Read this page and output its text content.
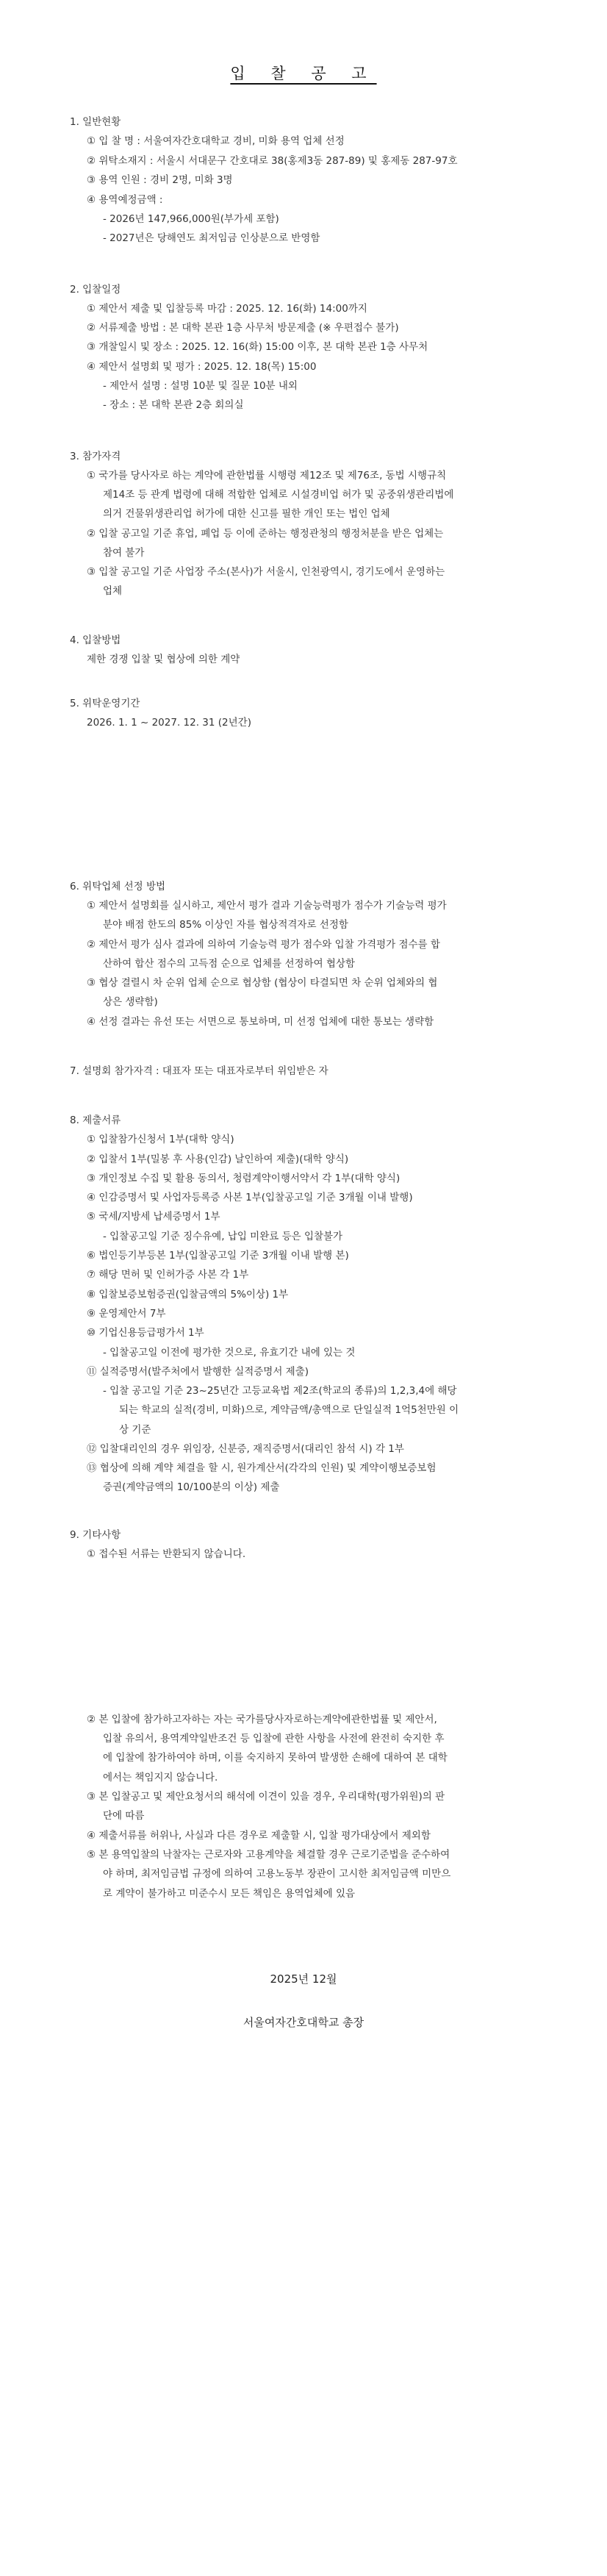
입 찰 공 고
1. 일반현황
① 입 찰 명 : 서울여자간호대학교 경비, 미화 용역 업체 선정
② 위탁소재지 : 서울시 서대문구 간호대로 38(홍제3동 287-89) 및 홍제동 287-97호
③ 용역 인원 : 경비 2명, 미화 3명
④ 용역예정금액 :
- 2026년 147,966,000원(부가세 포함)
- 2027년은 당해연도 최저임금 인상분으로 반영함
2. 입찰일정
① 제안서 제출 및 입찰등록 마감 : 2025. 12. 16(화) 14:00까지
② 서류제출 방법 : 본 대학 본관 1층 사무처 방문제출 (※ 우편접수 불가)
③ 개찰일시 및 장소 : 2025. 12. 16(화) 15:00 이후, 본 대학 본관 1층 사무처
④ 제안서 설명회 및 평가 : 2025. 12. 18(목) 15:00
- 제안서 설명 : 설명 10분 및 질문 10분 내외
- 장소 : 본 대학 본관 2층 회의실
3. 참가자격
① 국가를 당사자로 하는 계약에 관한법률 시행령 제12조 및 제76조, 동법 시행규칙
제14조 등 관계 법령에 대해 적합한 업체로 시설경비업 허가 및 공중위생관리법에
의거 건물위생관리업 허가에 대한 신고를 필한 개인 또는 법인 업체
② 입찰 공고일 기준 휴업, 폐업 등 이에 준하는 행정관청의 행정처분을 받은 업체는
참여 불가
③ 입찰 공고일 기준 사업장 주소(본사)가 서울시, 인천광역시, 경기도에서 운영하는
업체
4. 입찰방법
제한 경쟁 입찰 및 협상에 의한 계약
5. 위탁운영기간
2026. 1. 1 ~ 2027. 12. 31 (2년간)
6. 위탁업체 선정 방법
① 제안서 설명회를 실시하고, 제안서 평가 결과 기술능력평가 점수가 기술능력 평가
분야 배점 한도의 85% 이상인 자를 협상적격자로 선정함
② 제안서 평가 심사 결과에 의하여 기술능력 평가 점수와 입찰 가격평가 점수를 합
산하여 합산 점수의 고득점 순으로 업체를 선정하여 협상함
③ 협상 결렬시 차 순위 업체 순으로 협상함 (협상이 타결되면 차 순위 업체와의 협
상은 생략함)
④ 선정 결과는 유선 또는 서면으로 통보하며, 미 선정 업체에 대한 통보는 생략함
7. 설명회 참가자격 : 대표자 또는 대표자로부터 위임받은 자
8. 제출서류
① 입찰참가신청서 1부(대학 양식)
② 입찰서 1부(밀봉 후 사용(인감) 날인하여 제출)(대학 양식)
③ 개인정보 수집 및 활용 동의서, 청렴계약이행서약서 각 1부(대학 양식)
④ 인감증명서 및 사업자등록증 사본 1부(입찰공고일 기준 3개월 이내 발행)
⑤ 국세/지방세 납세증명서 1부
- 입찰공고일 기준 징수유예, 납입 미완료 등은 입찰불가
⑥ 법인등기부등본 1부(입찰공고일 기준 3개월 이내 발행 본)
⑦ 해당 면허 및 인허가증 사본 각 1부
⑧ 입찰보증보험증권(입찰금액의 5%이상) 1부
⑨ 운영제안서 7부
⑩ 기업신용등급평가서 1부
- 입찰공고일 이전에 평가한 것으로, 유효기간 내에 있는 것
⑪ 실적증명서(발주처에서 발행한 실적증명서 제출)
- 입찰 공고일 기준 23~25년간 고등교육법 제2조(학교의 종류)의 1,2,3,4에 해당
되는 학교의 실적(경비, 미화)으로, 계약금액/총액으로 단일실적 1억5천만원 이
상 기준
⑫ 입찰대리인의 경우 위임장, 신분증, 재직증명서(대리인 참석 시) 각 1부
⑬ 협상에 의해 계약 체결을 할 시, 원가계산서(각각의 인원) 및 계약이행보증보험
증권(계약금액의 10/100분의 이상) 제출
9. 기타사항
① 접수된 서류는 반환되지 않습니다.
② 본 입찰에 참가하고자하는 자는 국가를당사자로하는계약에관한법률 및 제안서,
입찰 유의서, 용역계약일반조건 등 입찰에 관한 사항을 사전에 완전히 숙지한 후
에 입찰에 참가하여야 하며, 이를 숙지하지 못하여 발생한 손해에 대하여 본 대학
에서는 책임지지 않습니다.
③ 본 입찰공고 및 제안요청서의 해석에 이견이 있을 경우, 우리대학(평가위원)의 판
단에 따름
④ 제출서류를 허위나, 사실과 다른 경우로 제출할 시, 입찰 평가대상에서 제외함
⑤ 본 용역입찰의 낙찰자는 근로자와 고용계약을 체결할 경우 근로기준법을 준수하여
야 하며, 최저임금법 규정에 의하여 고용노동부 장관이 고시한 최저임금액 미만으
로 계약이 불가하고 미준수시 모든 책임은 용역업체에 있음
2025년 12월
서울여자간호대학교 총장
